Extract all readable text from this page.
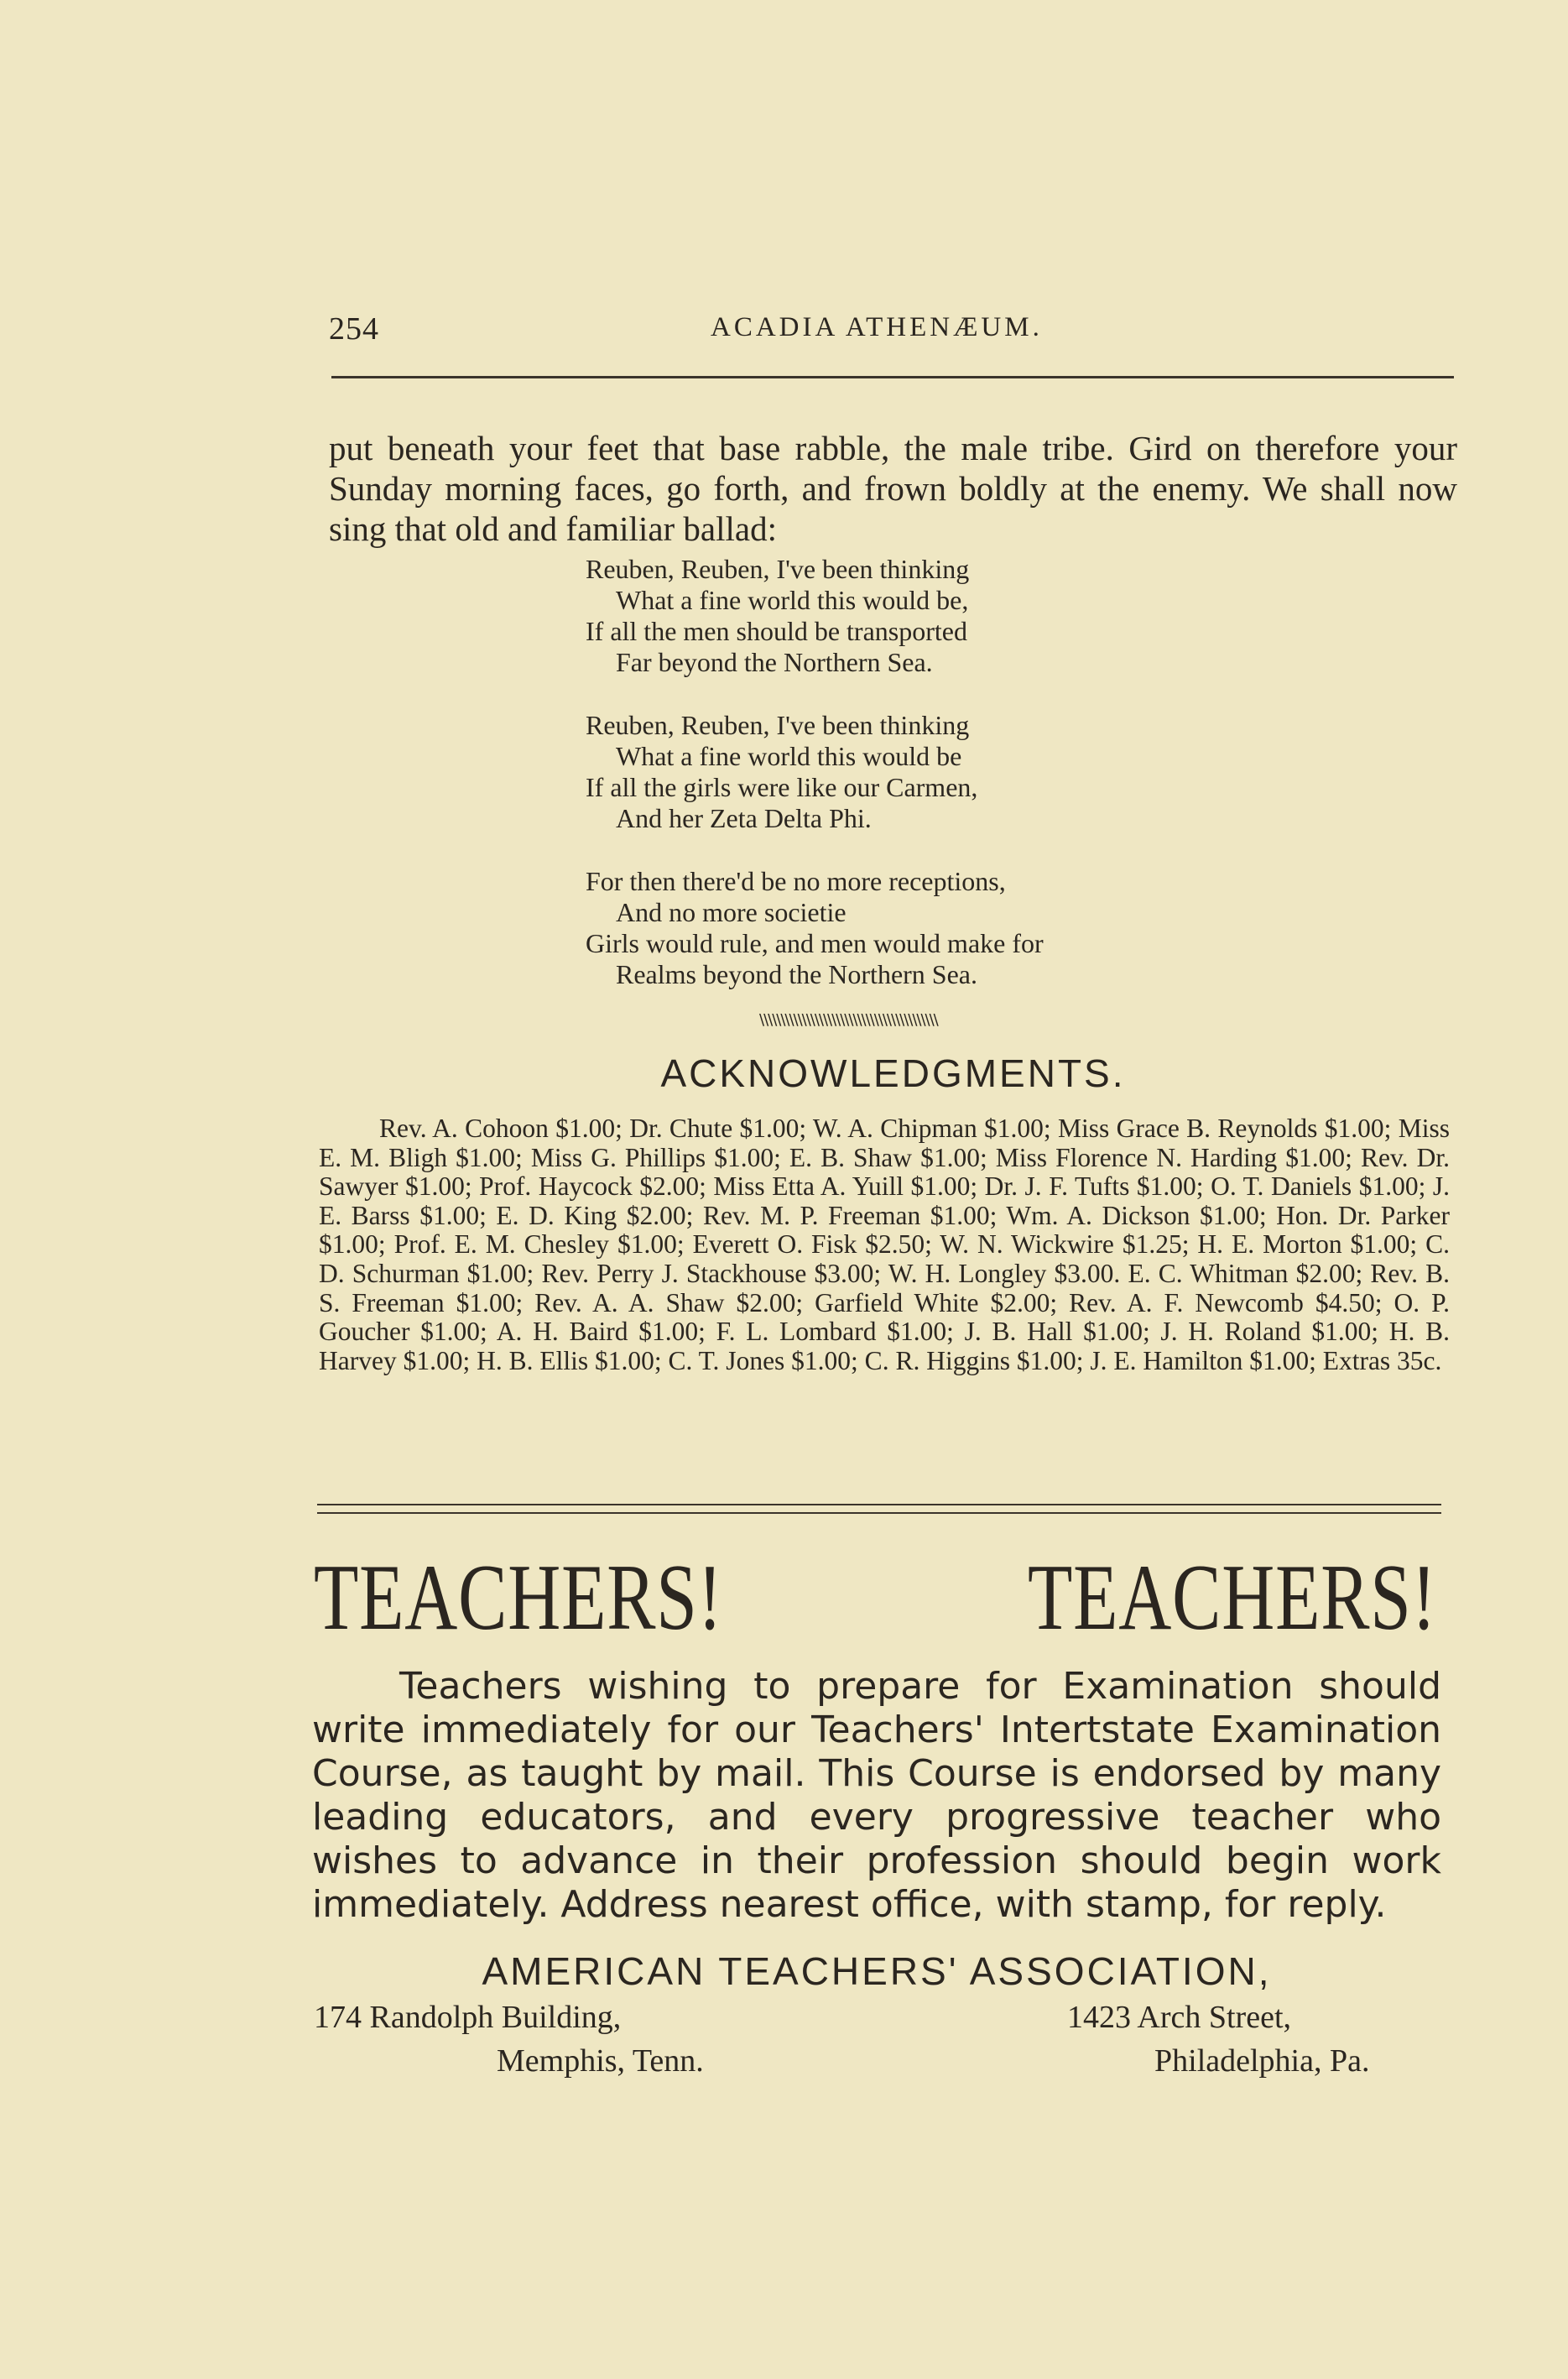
254	ACADIA ATHENÆUM.

put beneath your feet that base rabble, the male tribe. Gird on therefore your Sunday morning faces, go forth, and frown boldly at the enemy. We shall now sing that old and familiar ballad:

Reuben, Reuben, I've been thinking
What a fine world this would be,
If all the men should be transported
Far beyond the Northern Sea.
Reuben, Reuben, I've been thinking
What a fine world this would be
If all the girls were like our Carmen,
And her Zeta Delta Phi.
For then there'd be no more receptions,
And no more societie
Girls would rule, and men would make for
Realms beyond the Northern Sea.
\\\\\\\\\\\\\\\\\\\\\\\\\\\\\\\\\\\\\\\\\\
ACKNOWLEDGMENTS.

Rev. A. Cohoon $1.00; Dr. Chute $1.00; W. A. Chipman $1.00; Miss Grace B. Reynolds $1.00; Miss E. M. Bligh $1.00; Miss G. Phillips $1.00; E. B. Shaw $1.00; Miss Florence N. Harding $1.00; Rev. Dr. Sawyer $1.00; Prof. Haycock $2.00; Miss Etta A. Yuill $1.00; Dr. J. F. Tufts $1.00; O. T. Daniels $1.00; J. E. Barss $1.00; E. D. King $2.00; Rev. M. P. Freeman $1.00; Wm. A. Dickson $1.00; Hon. Dr. Parker $1.00; Prof. E. M. Chesley $1.00; Everett O. Fisk $2.50; W. N. Wickwire $1.25; H. E. Morton $1.00; C. D. Schurman $1.00; Rev. Perry J. Stackhouse $3.00; W. H. Longley $3.00. E. C. Whitman $2.00; Rev. B. S. Freeman $1.00; Rev. A. A. Shaw $2.00; Garfield White $2.00; Rev. A. F. Newcomb $4.50; O. P. Goucher $1.00; A. H. Baird $1.00; F. L. Lombard $1.00; J. B. Hall $1.00; J. H. Roland $1.00; H. B. Harvey $1.00; H. B. Ellis $1.00; C. T. Jones $1.00; C. R. Higgins $1.00; J. E. Hamilton $1.00; Extras 35c.

TEACHERS!	TEACHERS!

Teachers wishing to prepare for Examination should write immediately for our Teachers' Intertstate Examination Course, as taught by mail. This Course is endorsed by many leading educators, and every progressive teacher who wishes to advance in their profession should begin work immediately. Address nearest office, with stamp, for reply.

AMERICAN TEACHERS' ASSOCIATION,
174 Randolph Building,
Memphis, Tenn.
1423 Arch Street,
Philadelphia, Pa.
